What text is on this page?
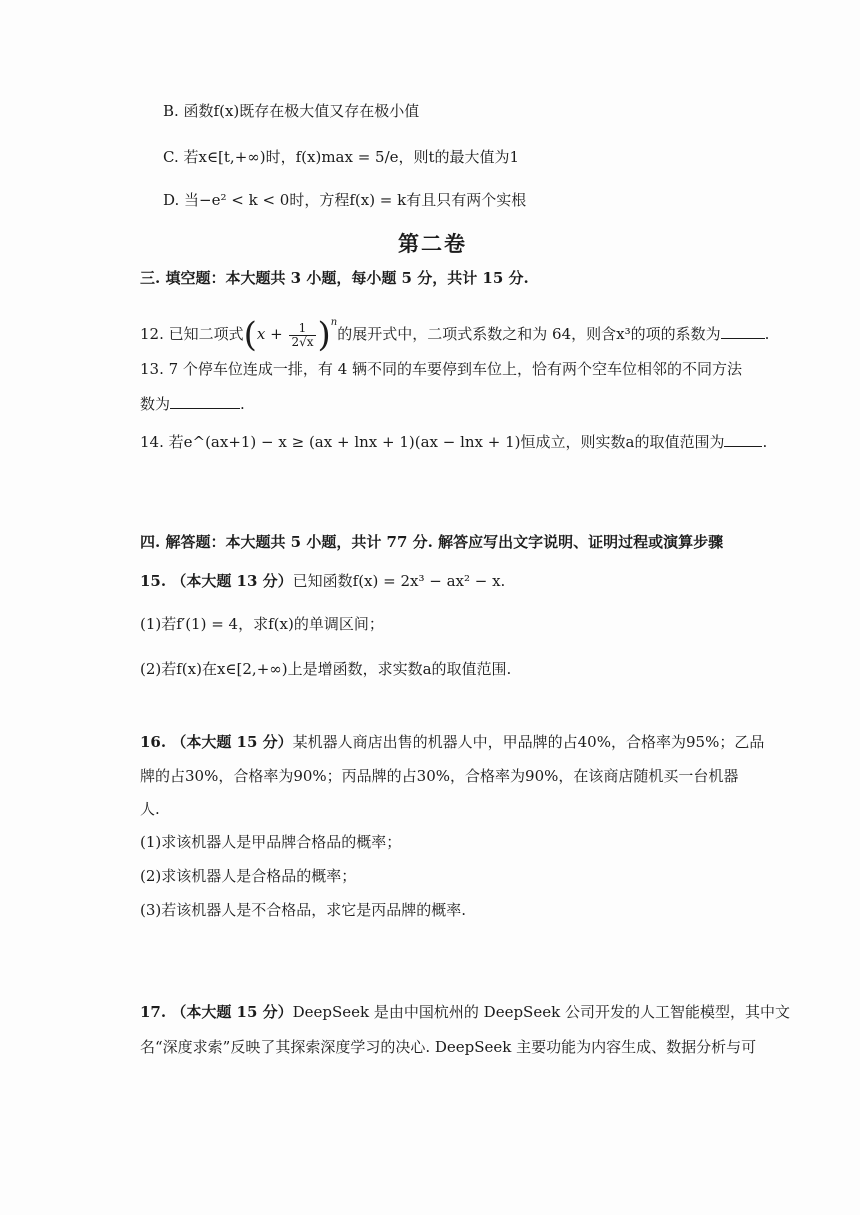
B. 函数f(x)既存在极大值又存在极小值
C. 若x∈[t,+∞)时，f(x)max = 5/e，则t的最大值为1
D. 当−e² < k < 0时，方程f(x) = k有且只有两个实根
第二卷
三. 填空题：本大题共 3 小题，每小题 5 分，共计 15 分.
12. 已知二项式$(x + \frac{1}{2√x} )^n$的展开式中，二项式系数之和为 64，则含x³的项的系数为	.
13. 7 个停车位连成一排，有 4 辆不同的车要停到车位上，恰有两个空车位相邻的不同方法
数为	.
14. 若e^(ax+1) − x ≥ (ax + lnx + 1)(ax − lnx + 1)恒成立，则实数a的取值范围为	.
四. 解答题：本大题共 5 小题，共计 77 分. 解答应写出文字说明、证明过程或演算步骤
15. （本大题 13 分）已知函数f(x) = 2x³ − ax² − x.
(1)若f′(1) = 4，求f(x)的单调区间；
(2)若f(x)在x∈[2,+∞)上是增函数，求实数a的取值范围.
16. （本大题 15 分）某机器人商店出售的机器人中，甲品牌的占40%，合格率为95%；乙品
牌的占30%，合格率为90%；丙品牌的占30%，合格率为90%，在该商店随机买一台机器
人.
(1)求该机器人是甲品牌合格品的概率；
(2)求该机器人是合格品的概率；
(3)若该机器人是不合格品，求它是丙品牌的概率.
17. （本大题 15 分）DeepSeek 是由中国杭州的 DeepSeek 公司开发的人工智能模型，其中文
名“深度求索”反映了其探索深度学习的决心. DeepSeek 主要功能为内容生成、数据分析与可
